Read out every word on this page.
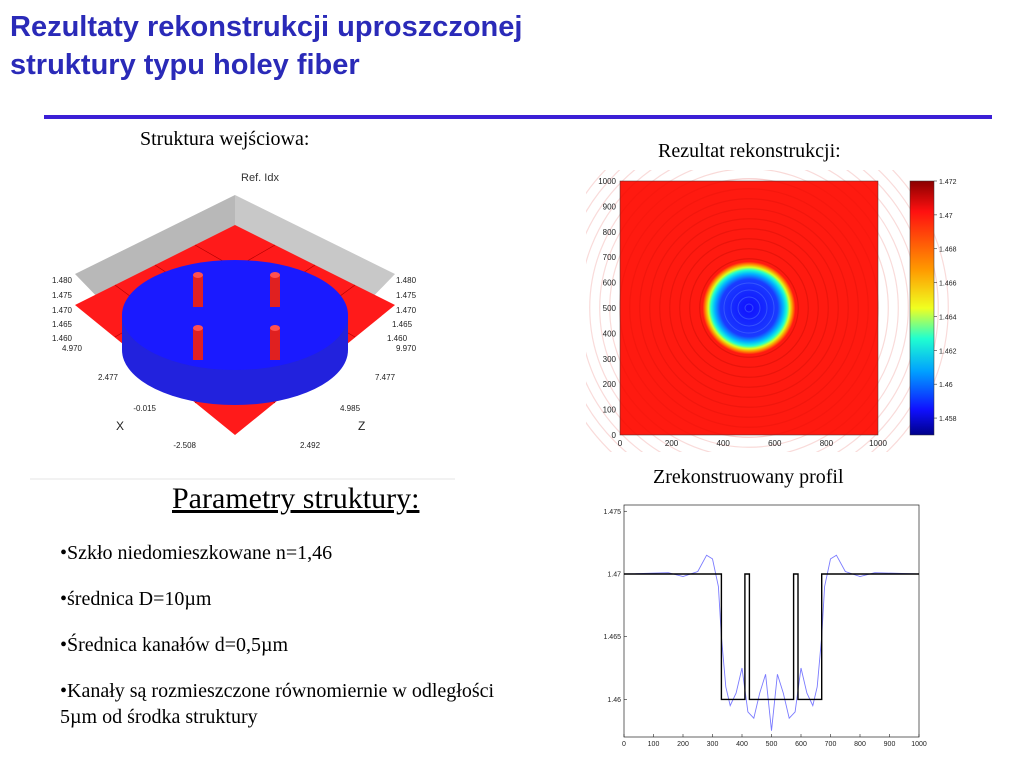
Rezultaty rekonstrukcji uproszczonej
struktury typu holey fiber
Struktura wejściowa:
Ref. Idx
1.480
1.475
1.470
1.465
1.460
4.970
2.477
-0.015
-2.508
1.480
1.475
1.470
1.465
1.460
9.970
7.477
4.985
2.492
X	Z
Rezultat rekonstrukcji:
1000
900
800
700
600
500
400
300
200
100
0
0	200	400	600	800	1000
1.472
1.47
1.468
1.466
1.464
1.462
1.46
1.458
Zrekonstruowany profil
1.46
1.465
1.47
1.475
0	100	200	300	400	500	600	700	800	900 1000
Parametry struktury:
•Szkło niedomieszkowane n=1,46
•średnica D=10µm
•Średnica kanałów d=0,5µm
•Kanały są rozmieszczone równomiernie w odległości 5µm od środka struktury
